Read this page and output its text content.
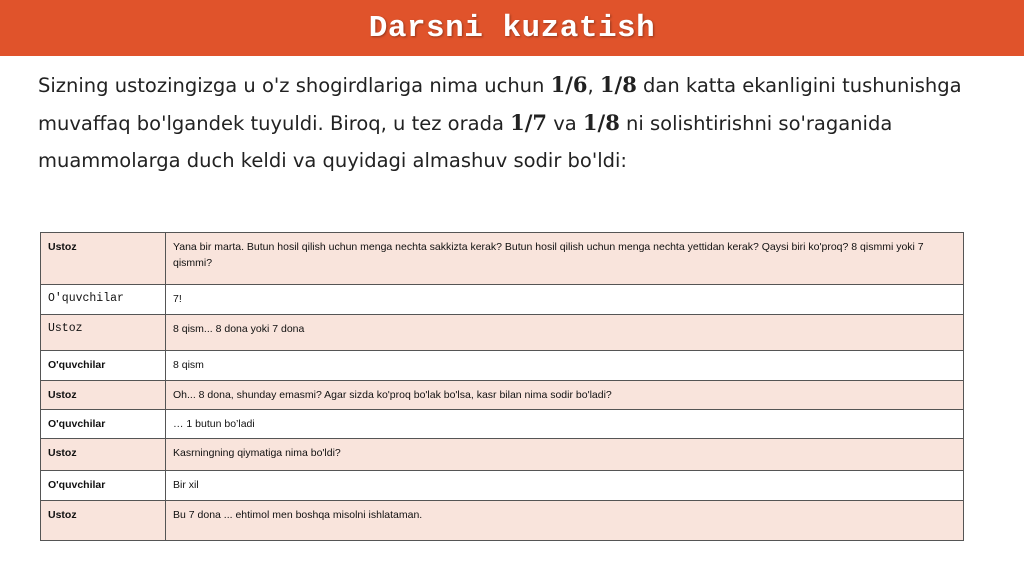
Darsni kuzatish

Sizning ustozingizga u o'z shogirdlariga nima uchun 1/6, 1/8 dan katta ekanligini tushunishga muvaffaq bo'lgandek tuyuldi. Biroq, u tez orada 1/7 va 1/8 ni solishtirishni so'raganida muammolarga duch keldi va quyidagi almashuv sodir bo'ldi:

Ustoz	Yana bir marta. Butun hosil qilish uchun menga nechta sakkizta kerak? Butun hosil qilish uchun menga nechta yettidan kerak? Qaysi biri ko'proq? 8 qismmi yoki 7 qismmi?
O'quvchilar	7!
Ustoz	8 qism... 8 dona yoki 7 dona
O'quvchilar	8 qism
Ustoz	Oh... 8 dona, shunday emasmi? Agar sizda ko'proq bo'lak bo'lsa, kasr bilan nima sodir bo'ladi?
O'quvchilar	… 1 butun bo’ladi
Ustoz	Kasrningning qiymatiga nima bo'ldi?
O'quvchilar	Bir xil
Ustoz	Bu 7 dona ... ehtimol men boshqa misolni ishlataman.
